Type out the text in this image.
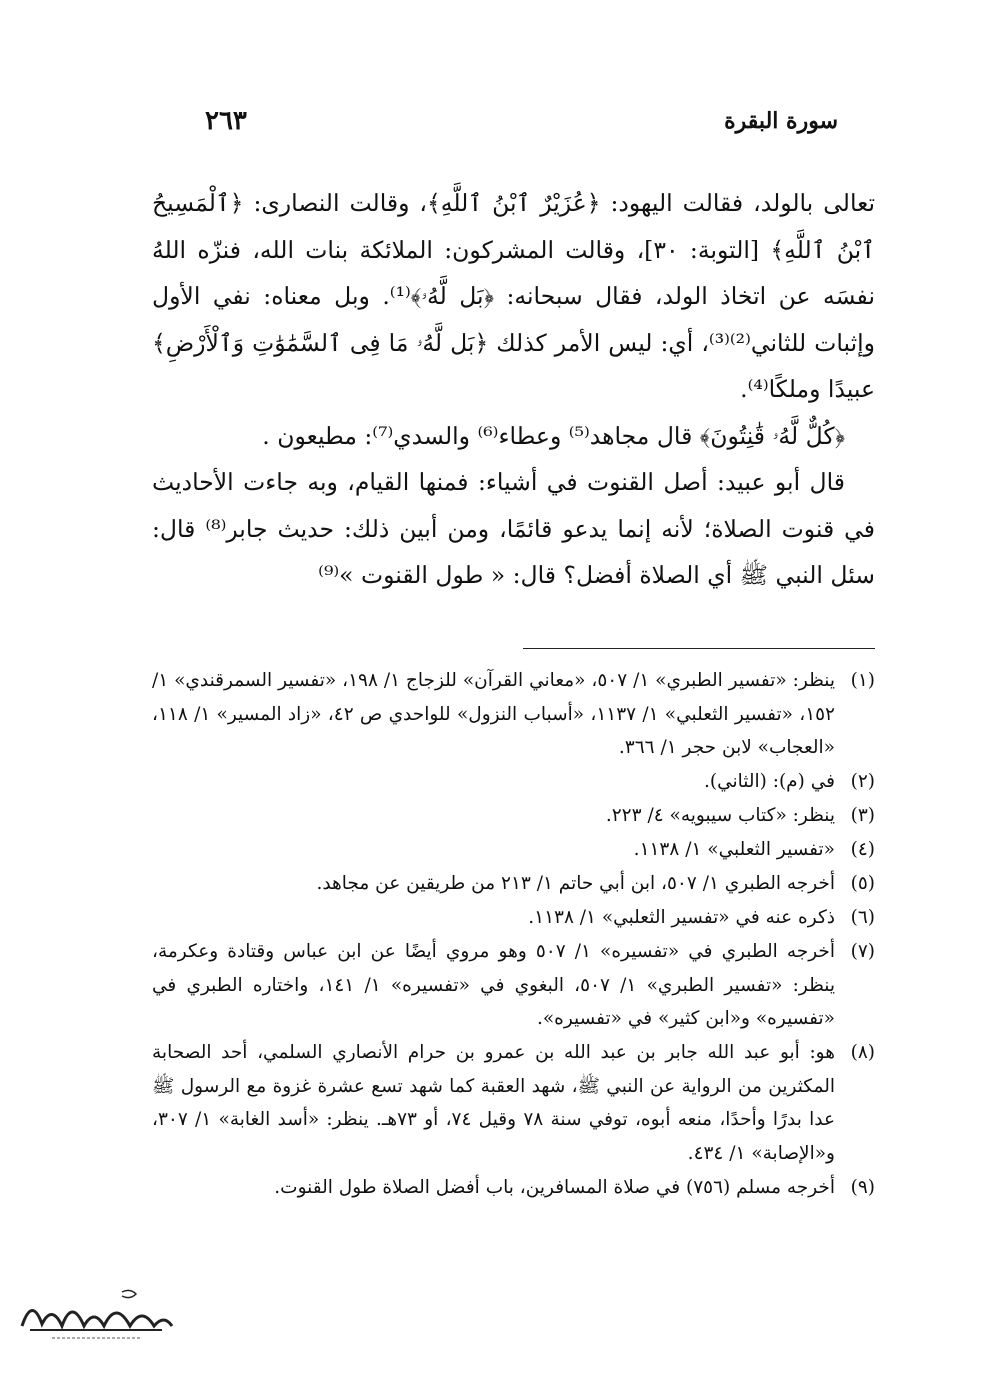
سورة البقرة
٢٦٣

تعالى بالولد، فقالت اليهود: ﴿عُزَيْرٌ ٱبْنُ ٱللَّهِ﴾، وقالت النصارى: ﴿ٱلْمَسِيحُ ٱبْنُ ٱللَّهِ﴾ [التوبة: ٣٠]، وقالت المشركون: الملائكة بنات الله، فنزّه اللهُ نفسَه عن اتخاذ الولد، فقال سبحانه: ﴿بَل لَّهُۥ﴾⁽¹⁾. وبل معناه: نفي الأول وإثبات للثاني⁽²⁾⁽³⁾، أي: ليس الأمر كذلك ﴿بَل لَّهُۥ مَا فِى ٱلسَّمَٰوَٰتِ وَٱلْأَرْضِ﴾ عبيدًا وملكًا⁽⁴⁾.

﴿كُلٌّ لَّهُۥ قَٰنِتُونَ﴾ قال مجاهد⁽⁵⁾ وعطاء⁽⁶⁾ والسدي⁽⁷⁾: مطيعون .

قال أبو عبيد: أصل القنوت في أشياء: فمنها القيام، وبه جاءت الأحاديث في قنوت الصلاة؛ لأنه إنما يدعو قائمًا، ومن أبين ذلك: حديث جابر⁽⁸⁾ قال: سئل النبي ﷺ أي الصلاة أفضل؟ قال: « طول القنوت »⁽⁹⁾

(١)
ينظر: «تفسير الطبري» ١/ ٥٠٧، «معاني القرآن» للزجاج ١/ ١٩٨، «تفسير السمرقندي» ١/ ١٥٢، «تفسير الثعلبي» ١/ ١١٣٧، «أسباب النزول» للواحدي ص ٤٢، «زاد المسير» ١/ ١١٨، «العجاب» لابن حجر ١/ ٣٦٦.

(٢)
في (م): (الثاني).

(٣)
ينظر: «كتاب سيبويه» ٤/ ٢٢٣.

(٤)
«تفسير الثعلبي» ١/ ١١٣٨.

(٥)
أخرجه الطبري ١/ ٥٠٧، ابن أبي حاتم ١/ ٢١٣ من طريقين عن مجاهد.

(٦)
ذكره عنه في «تفسير الثعلبي» ١/ ١١٣٨.

(٧)
أخرجه الطبري في «تفسيره» ١/ ٥٠٧ وهو مروي أيضًا عن ابن عباس وقتادة وعكرمة، ينظر: «تفسير الطبري» ١/ ٥٠٧، البغوي في «تفسيره» ١/ ١٤١، واختاره الطبري في «تفسيره» و«ابن كثير» في «تفسيره».

(٨)
هو: أبو عبد الله جابر بن عبد الله بن عمرو بن حرام الأنصاري السلمي، أحد الصحابة المكثرين من الرواية عن النبي ﷺ، شهد العقبة كما شهد تسع عشرة غزوة مع الرسول ﷺ عدا بدرًا وأحدًا، منعه أبوه، توفي سنة ٧٨ وقيل ٧٤، أو ٧٣هـ. ينظر: «أسد الغابة» ١/ ٣٠٧، و«الإصابة» ١/ ٤٣٤.

(٩)
أخرجه مسلم (٧٥٦) في صلاة المسافرين، باب أفضل الصلاة طول القنوت.
